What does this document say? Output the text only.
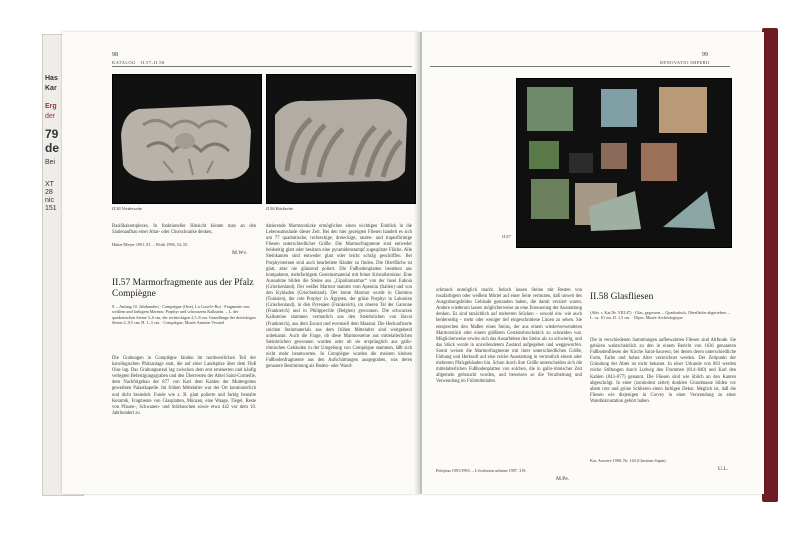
Has
Kar
Erg
der
79
de
Bei
XT
28
nic
151
98
KATALOG · II.57–II.58
II.56 Vorderseite	II.56 Rückseite
Basilikakomplexes. In funktioneller Hinsicht könnte man an den Säulenaufbau einer Altar- oder Chorschranke denken.
Hütter/Meyer 1991, 81. – Wirth 1996, 54–55.
M.Wv.
II.57 Marmorfragmente aus der Pfalz Compiègne
9. – Anfang 10. Jahrhundert · Compiègne (Oise), La Cour-le-Roi · Fragmente von weißem und farbigem Marmor, Porphyr und schwarzem Kalkstein. – L. der quadratischen Steine 3–6 cm, der rechteckigen 2,5–8 cm. Grundlänge der dreieckigen Steine 2–9,5 cm; H. 1–3 cm. · Compiègne, Musée Antoine Vivenel
Die Grabungen in Compiègne fanden im nordwestlichen Teil der karolingischen Pfalzanlage statt, die auf einer Landspitze über dem Fluß Oise lag. Das Grabungsareal lag zwischen dem erst erneuerten und häufig verlegten Befestigungsgraben und den Überresten der Abtei Saint-Corneille, dem Nachfolgebau der 877 von Karl dem Kahlen der Muttergottes geweihten Palastkapelle. Im frühen Mittelalter war der Ort kontinuierlich und dicht besiedelt. Funde wie z. B. glatt polierte und farbig bemalte Keramik, Fragmente von Glasplatten, Münzen, eine Waage, Tiegel, Reste von Pfauen-, Schwanen- und Störknochen sowie etwa 442 vor dem 10. Jahrhundert zu
datierende Marmorstücke ermöglichen einen wichtigen Einblick in die Lebensumstände dieser Zeit. Bei den hier gezeigten Fliesen handelt es sich um 77 quadratische, rechteckige, dreieckige, rauten- und trapezförmige Fliesen unterschiedlicher Größe. Die Marmorfragmente sind entweder beidseitig glatt oder besitzen eine pyramidenstumpf zugespitzte Fläche. Alle Steinkanten sind entweder glatt oder leicht schräg geschliffen. Bei Porphyrsteinen sind auch bearbeitete Ränder zu finden. Die Oberfläche ist glatt, aber nie glänzend poliert. Die Fußbodenplatten bestehen aus kompaktem, mehrfarbigem Gesteinsmaterial mit feiner Kristallstruktur. Eine Ausnahme bilden die Steine aus „Cipolinmarmor“ von der Insel Euboia (Griechenland). Der weißer Marmor stammt vom Apennin (Italien) und von den Kykladen (Griechenland). Der bunte Marmor wurde in Chemtou (Tunisien), der rote Porphyr in Ägypten, der grüne Porphyr in Lakonien (Griechenland), in den Pyrenäen (Frankreich), im oberen Tal der Garonne (Frankreich) und in Philippeville (Belgien) gewonnen. Die schwarzen Kalksteine stammen vermutlich aus den Steinbrüchen von Bavai (Frankreich), aus dem Escaut und eventuell dem Maastal. Die Herkunftsorte solchen Steinmaterials aus dem frühen Mittelalter sind weitgehend unbekannt. Auch die Frage, ob diese Marmorsteine aus mittelalterlichen Steinbrüchen gewonnen wurden oder ob sie ursprünglich aus gallo-römischen Gebäuden in der Umgebung von Compiègne stammen, läßt sich nicht mehr beantworten. In Compiègne wurden die meisten kleinen Fußbodenfragmente aus den Aufschüttungen ausgegraben, was deren genauere Bestimmung als Boden- oder Wand-
99
RENOVATIO IMPERII
II.57
schmuck unmöglich macht. Jedoch lassen Steine mit Resten von rosafarbigem oder weißem Mörtel auf einer Seite vermuten, daß unweit des Ausgrabungsfeldes Gebäude gestanden haben, die damit verziert waren. Andere wiederum lassen möglicherweise an eine Erneuerung der Ausstattung denken. Es sind tatsächlich auf mehreren Stücken – sowohl ein- wie auch beiderseitig – mehr oder weniger tief eingeschnittene Linien zu sehen. Sie entsprechen den Maßen eines Steins, der aus einem wiederverwendeten Marmorstück oder einem größeren Gesteinsbruchstück zu schneiden war. Möglicherweise erwies sich das Ausarbeiten des Steins als zu schwierig, und das Stück wurde in unvollendetem Zustand aufgegeben und weggeworfen. Somit weisen die Marmorfragmente mit ihrer unterschiedlichen Größe, Färbung und Herkunft auf eine reiche Ausstattung in vermutlich einem oder mehreren Pfalzgebäuden hin. Schon durch ihre Größe unterscheiden sich die mittelalterlichen Fußbodenplatten von solchen, die in gallo-römischer Zeit allgemein gebraucht wurden, und beweisen so die Verarbeitung und Verwendung im Frühmittelalter.
Petitjean 1991/1993. – L'évolution urbaine 1997, 319.
M.Pe.
II.58 Glasfliesen
(Abb. s. Kat.Nr. VIII.47) · Glas, gegossen. – Quadratisch, Oberfläche abgerieben. – L. ca. 10 cm, D. 1,5 cm. · Dijon, Musée Archéologique
Die in verschiedenen Sammlungen aufbewahrten Fliesen sind Altfunde. Sie gehören wahrscheinlich zu den in einem Bericht von 1636 genannten Fußbodenfliesen der Kirche Saint-Sauveur, bei denen deren unterschiedliche Form, Farbe und hohes Alter verzeichnet werden. Der Zeitpunkt der Gründung der Abtei ist nicht bekannt. In einer Urkunde von 883 werden reiche Stiftungen durch Ludwig den Frommen (814–840) und Karl den Kahlen (843–877) genannt. Die Fliesen sind wie üblich an den Kanten abgeschrägt. In einer (zumindest zeitet) dunklen Grundmasse bilden vor allem rote und grüne Schlieren einen farbigen Dekor. Meglich ist, daß die Fliesen wie diejenigen in Corvey in einer Verwendung zu einer Wandinkrustation gehört haben.
Kat. Auxerre 1990, Nr. 144 (Christian Sapin).
U.L.
